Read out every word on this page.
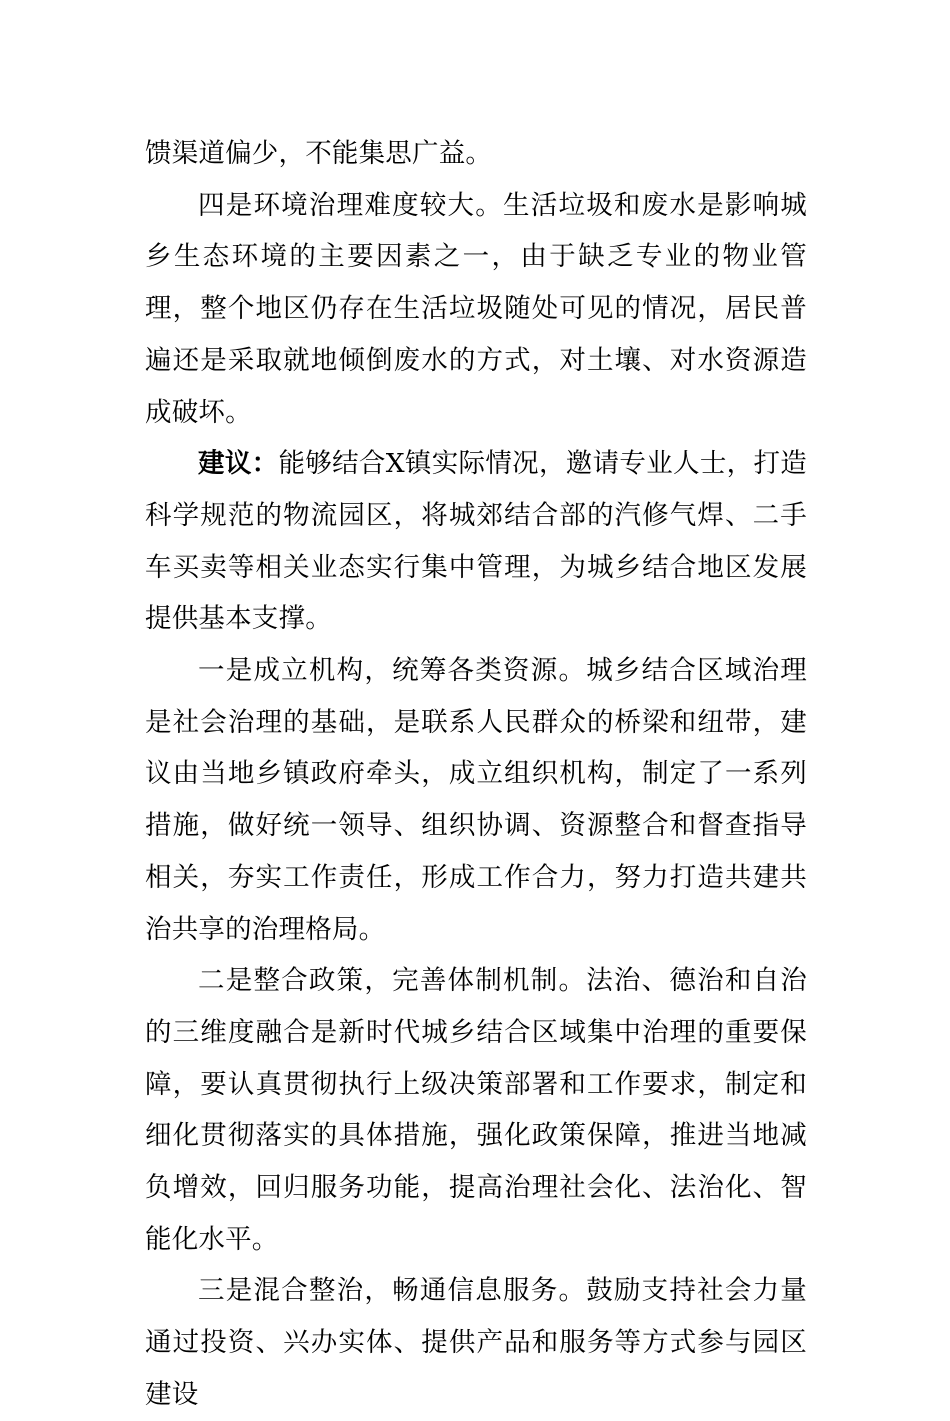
馈渠道偏少，不能集思广益。

四是环境治理难度较大。生活垃圾和废水是影响城乡生态环境的主要因素之一，由于缺乏专业的物业管理，整个地区仍存在生活垃圾随处可见的情况，居民普遍还是采取就地倾倒废水的方式，对土壤、对水资源造成破坏。

建议：能够结合X镇实际情况，邀请专业人士，打造科学规范的物流园区，将城郊结合部的汽修气焊、二手车买卖等相关业态实行集中管理，为城乡结合地区发展提供基本支撑。

一是成立机构，统筹各类资源。城乡结合区域治理是社会治理的基础，是联系人民群众的桥梁和纽带，建议由当地乡镇政府牵头，成立组织机构，制定了一系列措施，做好统一领导、组织协调、资源整合和督查指导相关，夯实工作责任，形成工作合力，努力打造共建共治共享的治理格局。

二是整合政策，完善体制机制。法治、德治和自治的三维度融合是新时代城乡结合区域集中治理的重要保障，要认真贯彻执行上级决策部署和工作要求，制定和细化贯彻落实的具体措施，强化政策保障，推进当地减负增效，回归服务功能，提高治理社会化、法治化、智能化水平。

三是混合整治，畅通信息服务。鼓励支持社会力量通过投资、兴办实体、提供产品和服务等方式参与园区建设
